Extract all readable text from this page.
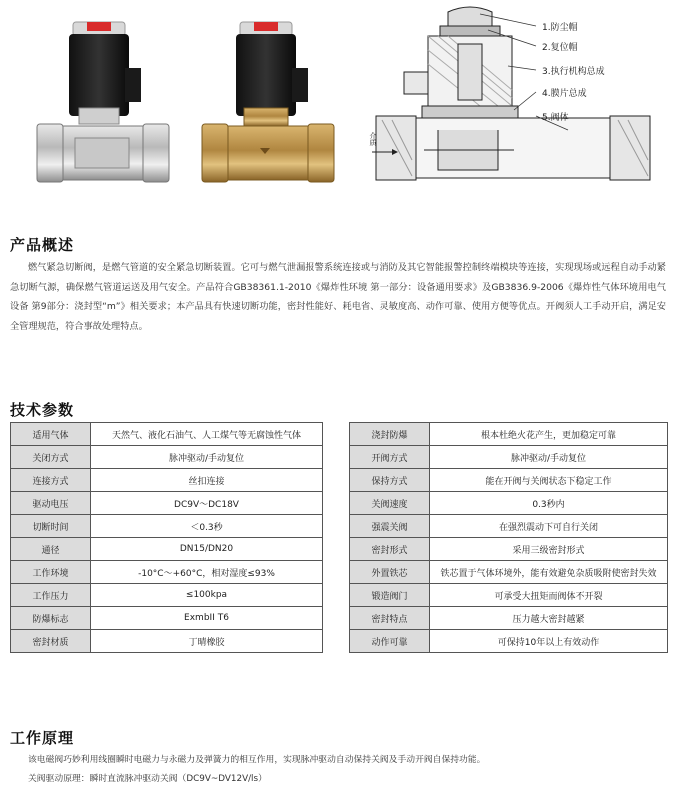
1.防尘帽
2.复位帽
3.执行机构总成
4.膜片总成
5.阀体
介质
产品概述
燃气紧急切断阀，是燃气管道的安全紧急切断装置。它可与燃气泄漏报警系统连接或与消防及其它智能报警控制终端模块等连接，实现现场或远程自动手动紧急切断气源，确保燃气管道运送及用气安全。产品符合GB38361.1-2010《爆炸性环境 第一部分：设备通用要求》及GB3836.9-2006《爆炸性气体环境用电气设备 第9部分：浇封型“m”》相关要求；本产品具有快速切断功能，密封性能好、耗电省、灵敏度高、动作可靠、使用方便等优点。开阀须人工手动开启，满足安全管理规范，符合事故处理特点。
技术参数
适用气体	天然气、液化石油气、人工煤气等无腐蚀性气体
关闭方式	脉冲驱动/手动复位
连接方式	丝扣连接
驱动电压	DC9V～DC18V
切断时间	＜0.3秒
通径	DN15/DN20
工作环境	-10°C～+60°C，相对湿度≤93%
工作压力	≤100kpa
防爆标志	ExmbII T6
密封材质	丁晴橡胶
浇封防爆	根本杜绝火花产生，更加稳定可靠
开阀方式	脉冲驱动/手动复位
保持方式	能在开阀与关阀状态下稳定工作
关阀速度	0.3秒内
强震关阀	在强烈震动下可自行关闭
密封形式	采用三级密封形式
外置铁芯	铁芯置于气体环境外，能有效避免杂质吸附使密封失效
锻造阀门	可承受大扭矩而阀体不开裂
密封特点	压力越大密封越紧
动作可靠	可保持10年以上有效动作
工作原理
该电磁阀巧妙利用线圈瞬时电磁力与永磁力及弹簧力的相互作用，实现脉冲驱动自动保持关阀及手动开阀自保持功能。
关阀驱动原理：瞬时直流脉冲驱动关阀（DC9V~DV12V/ls）
